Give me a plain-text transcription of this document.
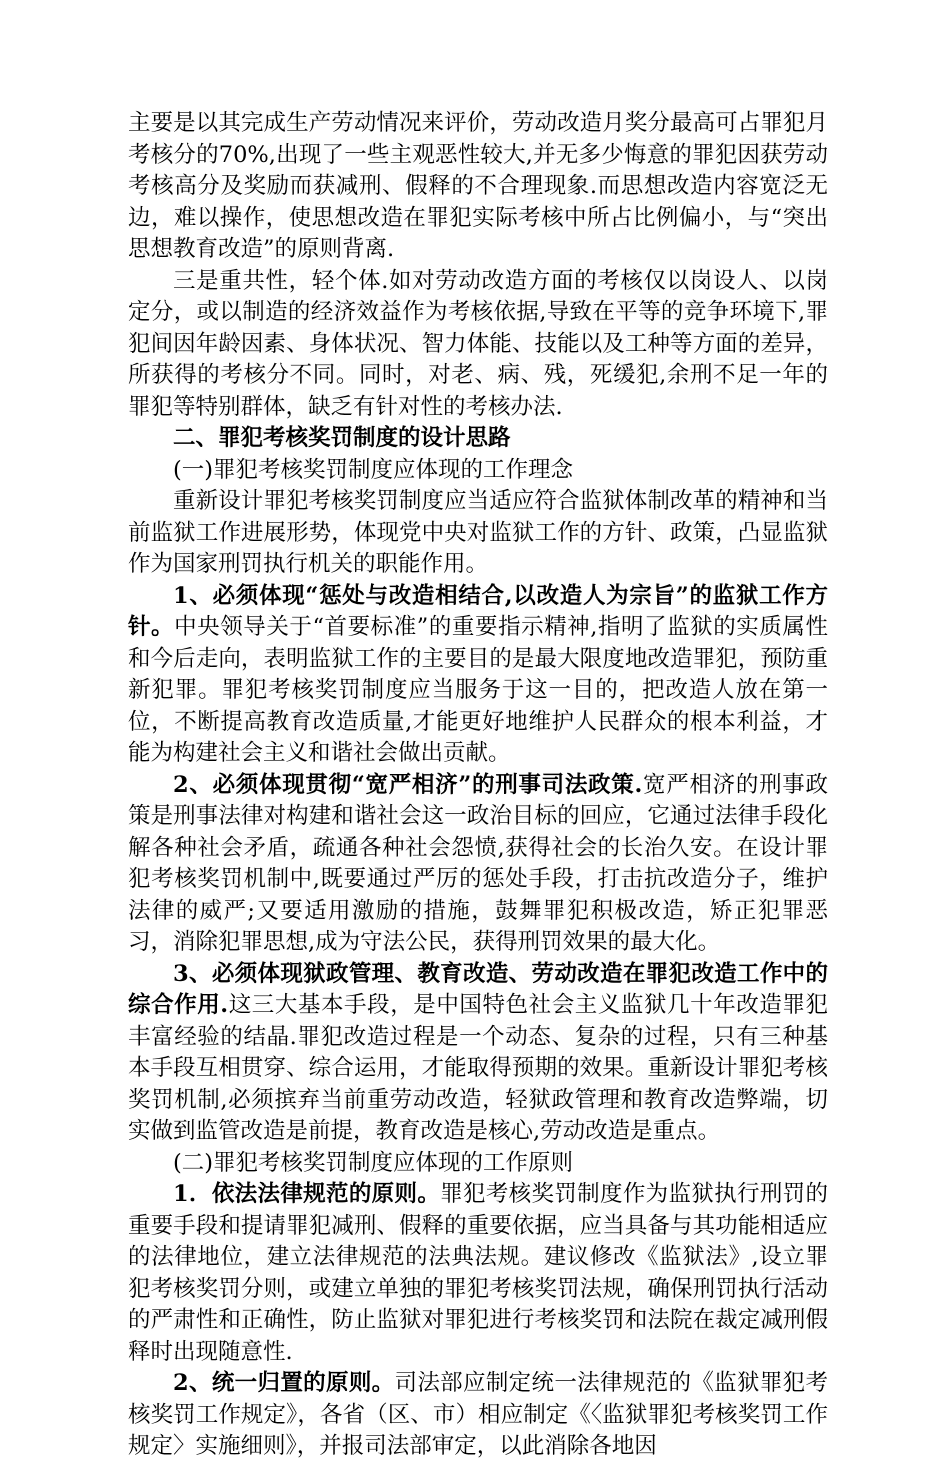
主要是以其完成生产劳动情况来评价，劳动改造月奖分最高可占罪犯月考核分的70%,出现了一些主观恶性较大,并无多少悔意的罪犯因获劳动考核高分及奖励而获减刑、假释的不合理现象.而思想改造内容宽泛无边，难以操作，使思想改造在罪犯实际考核中所占比例偏小，与“突出思想教育改造”的原则背离.

三是重共性，轻个体.如对劳动改造方面的考核仅以岗设人、以岗定分，或以制造的经济效益作为考核依据,导致在平等的竞争环境下,罪犯间因年龄因素、身体状况、智力体能、技能以及工种等方面的差异，所获得的考核分不同。同时，对老、病、残，死缓犯,余刑不足一年的罪犯等特别群体，缺乏有针对性的考核办法.

二、罪犯考核奖罚制度的设计思路

(一)罪犯考核奖罚制度应体现的工作理念

重新设计罪犯考核奖罚制度应当适应符合监狱体制改革的精神和当前监狱工作进展形势，体现党中央对监狱工作的方针、政策，凸显监狱作为国家刑罚执行机关的职能作用。

1、必须体现“惩处与改造相结合,以改造人为宗旨”的监狱工作方针。中央领导关于“首要标准”的重要指示精神,指明了监狱的实质属性和今后走向，表明监狱工作的主要目的是最大限度地改造罪犯，预防重新犯罪。罪犯考核奖罚制度应当服务于这一目的，把改造人放在第一位，不断提高教育改造质量,才能更好地维护人民群众的根本利益，才能为构建社会主义和谐社会做出贡献。

2、必须体现贯彻“宽严相济”的刑事司法政策.宽严相济的刑事政策是刑事法律对构建和谐社会这一政治目标的回应，它通过法律手段化解各种社会矛盾，疏通各种社会怨愤,获得社会的长治久安。在设计罪犯考核奖罚机制中,既要通过严厉的惩处手段，打击抗改造分子，维护法律的威严;又要适用激励的措施，鼓舞罪犯积极改造，矫正犯罪恶习，消除犯罪思想,成为守法公民，获得刑罚效果的最大化。

3、必须体现狱政管理、教育改造、劳动改造在罪犯改造工作中的综合作用.这三大基本手段，是中国特色社会主义监狱几十年改造罪犯丰富经验的结晶.罪犯改造过程是一个动态、复杂的过程，只有三种基本手段互相贯穿、综合运用，才能取得预期的效果。重新设计罪犯考核奖罚机制,必须摈弃当前重劳动改造，轻狱政管理和教育改造弊端，切实做到监管改造是前提，教育改造是核心,劳动改造是重点。

(二)罪犯考核奖罚制度应体现的工作原则

1．依法法律规范的原则。罪犯考核奖罚制度作为监狱执行刑罚的重要手段和提请罪犯减刑、假释的重要依据，应当具备与其功能相适应的法律地位，建立法律规范的法典法规。建议修改《监狱法》,设立罪犯考核奖罚分则，或建立单独的罪犯考核奖罚法规，确保刑罚执行活动的严肃性和正确性，防止监狱对罪犯进行考核奖罚和法院在裁定减刑假释时出现随意性.

2、统一归置的原则。司法部应制定统一法律规范的《监狱罪犯考核奖罚工作规定》，各省（区、市）相应制定《〈监狱罪犯考核奖罚工作规定〉实施细则》，并报司法部审定，以此消除各地因
